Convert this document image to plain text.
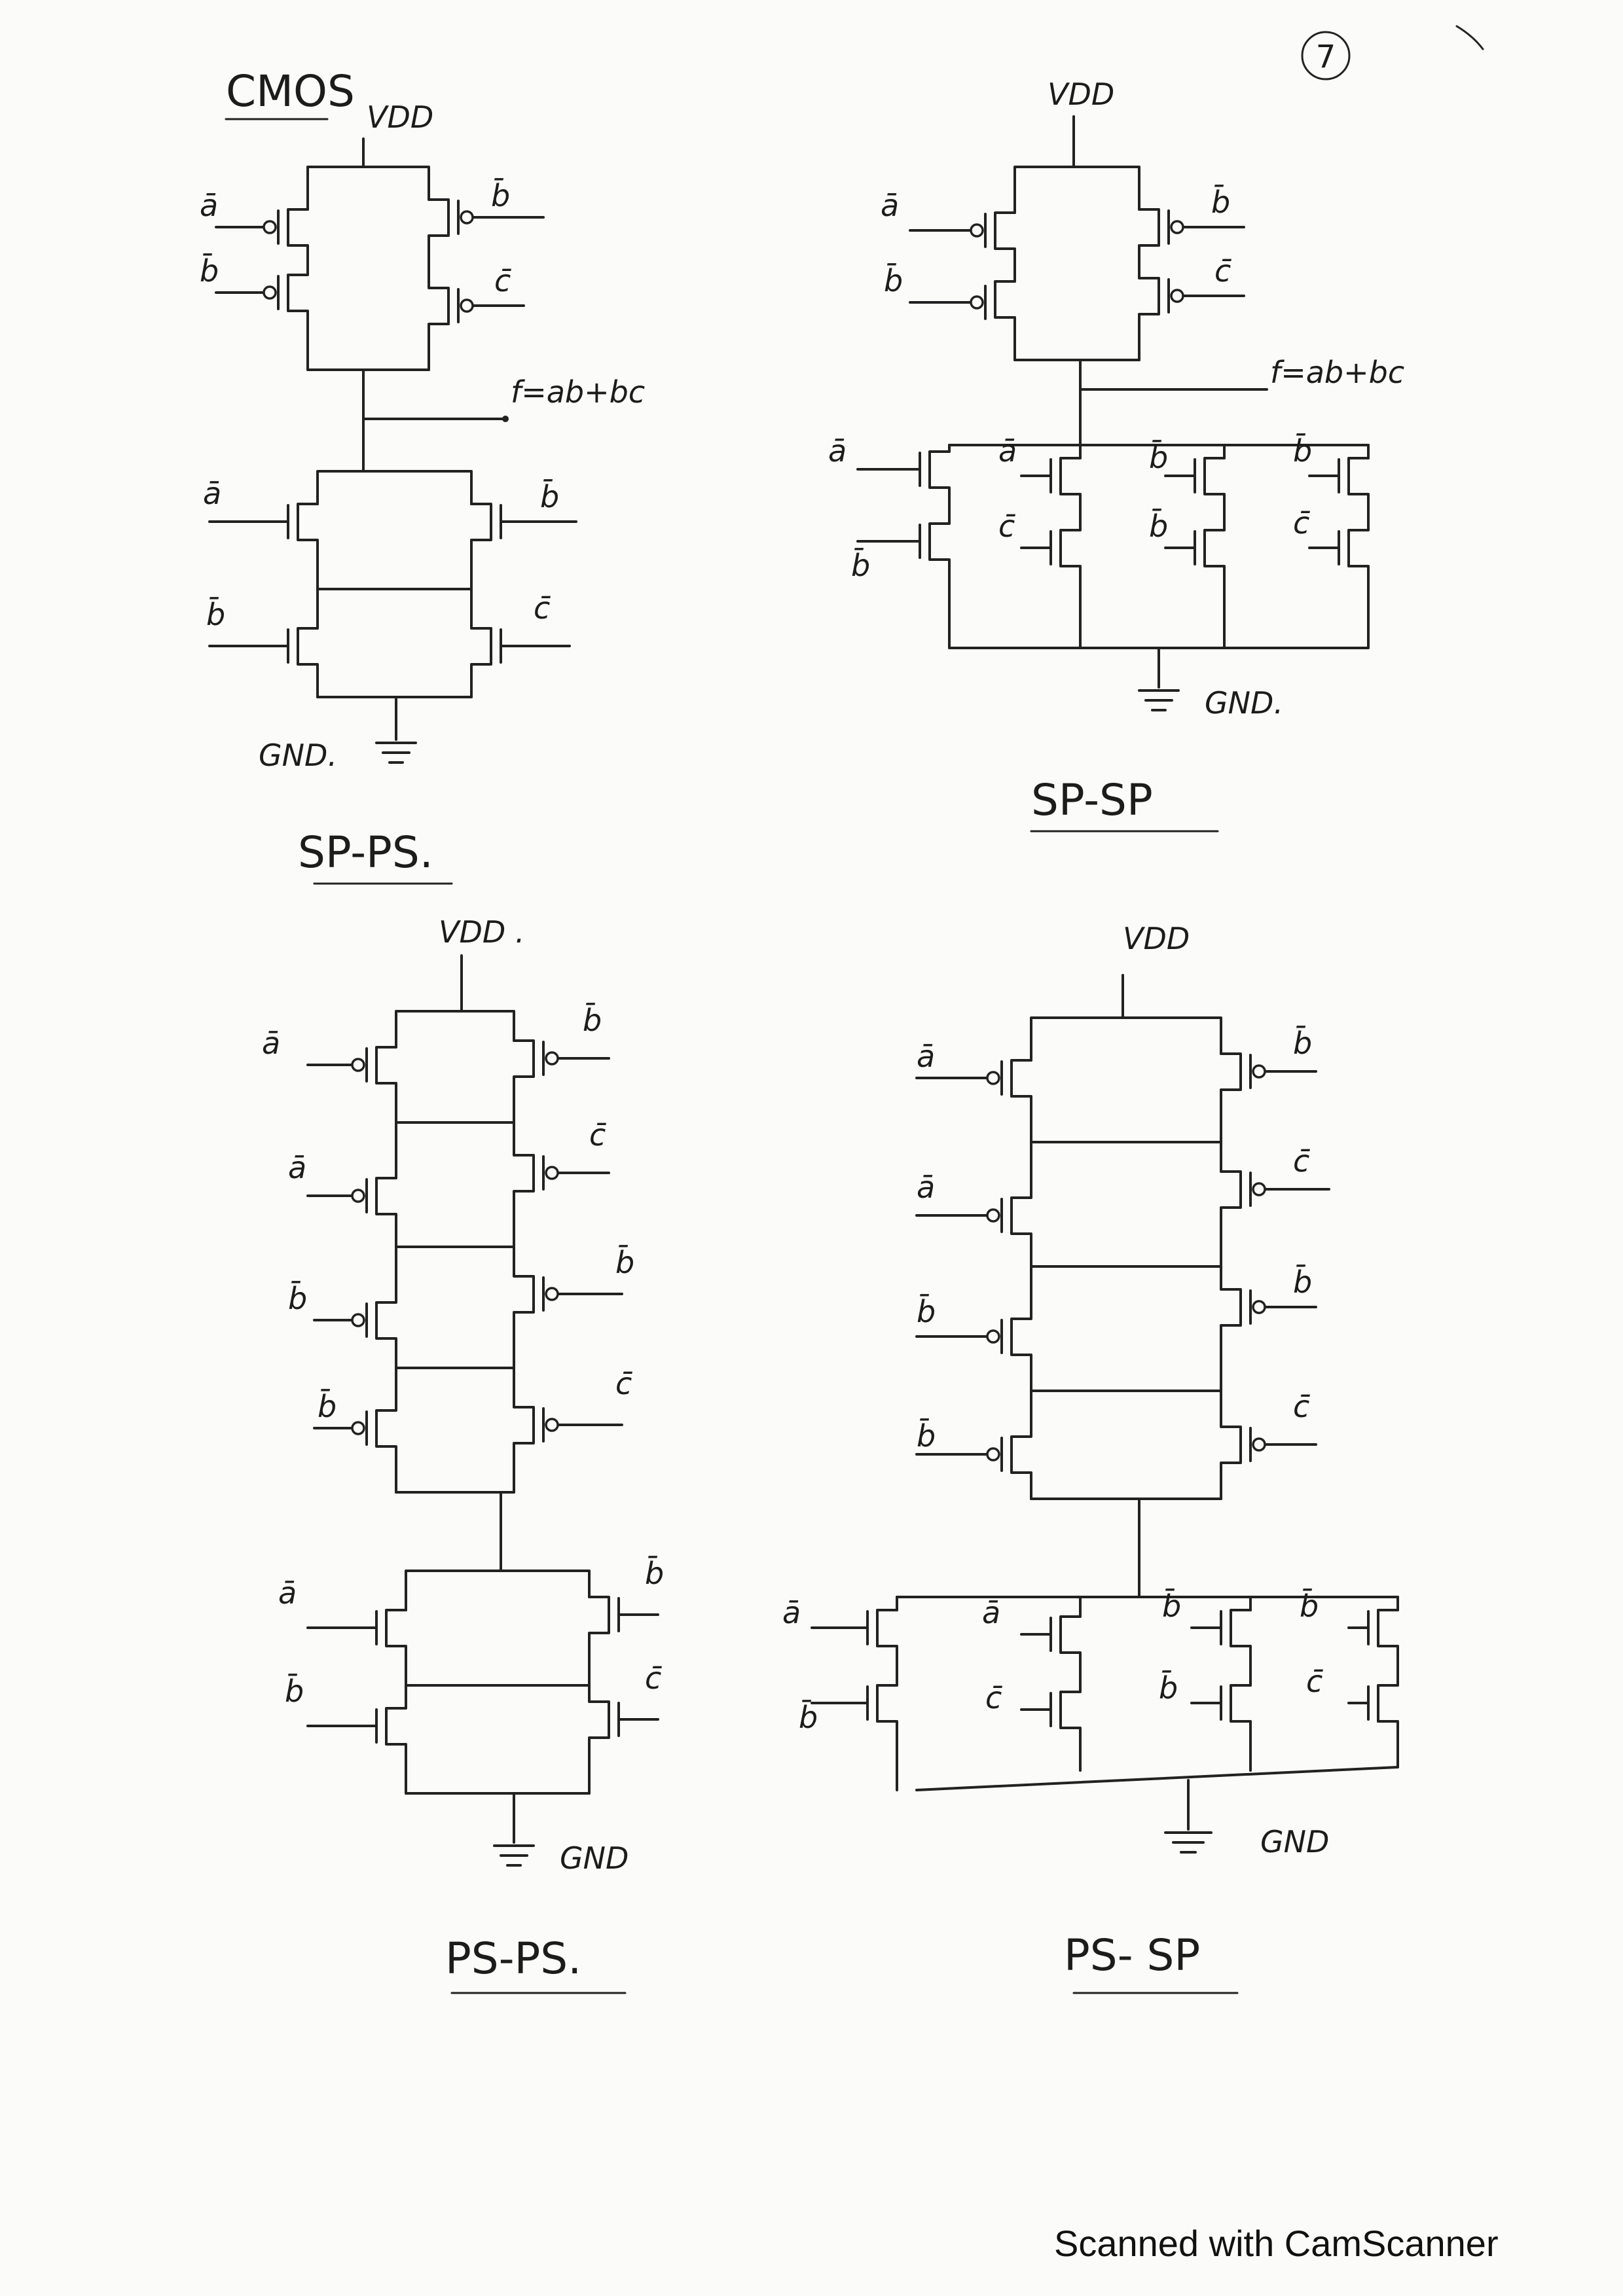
7
CMOS
VDD
ā
b̄
b̄
c̄
f=ab+bc
ā
b̄
b̄
c̄
GND.
SP-PS.
VDD
ā
b̄
b̄
c̄
f=ab+bc
ā
b̄
ā
c̄
b̄
b̄
b̄
c̄
GND.
SP-SP
VDD .
ā
ā
b̄
b̄
b̄
c̄
b̄
c̄
ā
b̄
b̄
c̄
GND
PS-PS.
VDD
ā
ā
b̄
b̄
b̄
c̄
b̄
c̄
ā
b̄
ā
c̄
b̄
b̄
b̄
c̄
GND
PS- SP
Scanned with CamScanner
